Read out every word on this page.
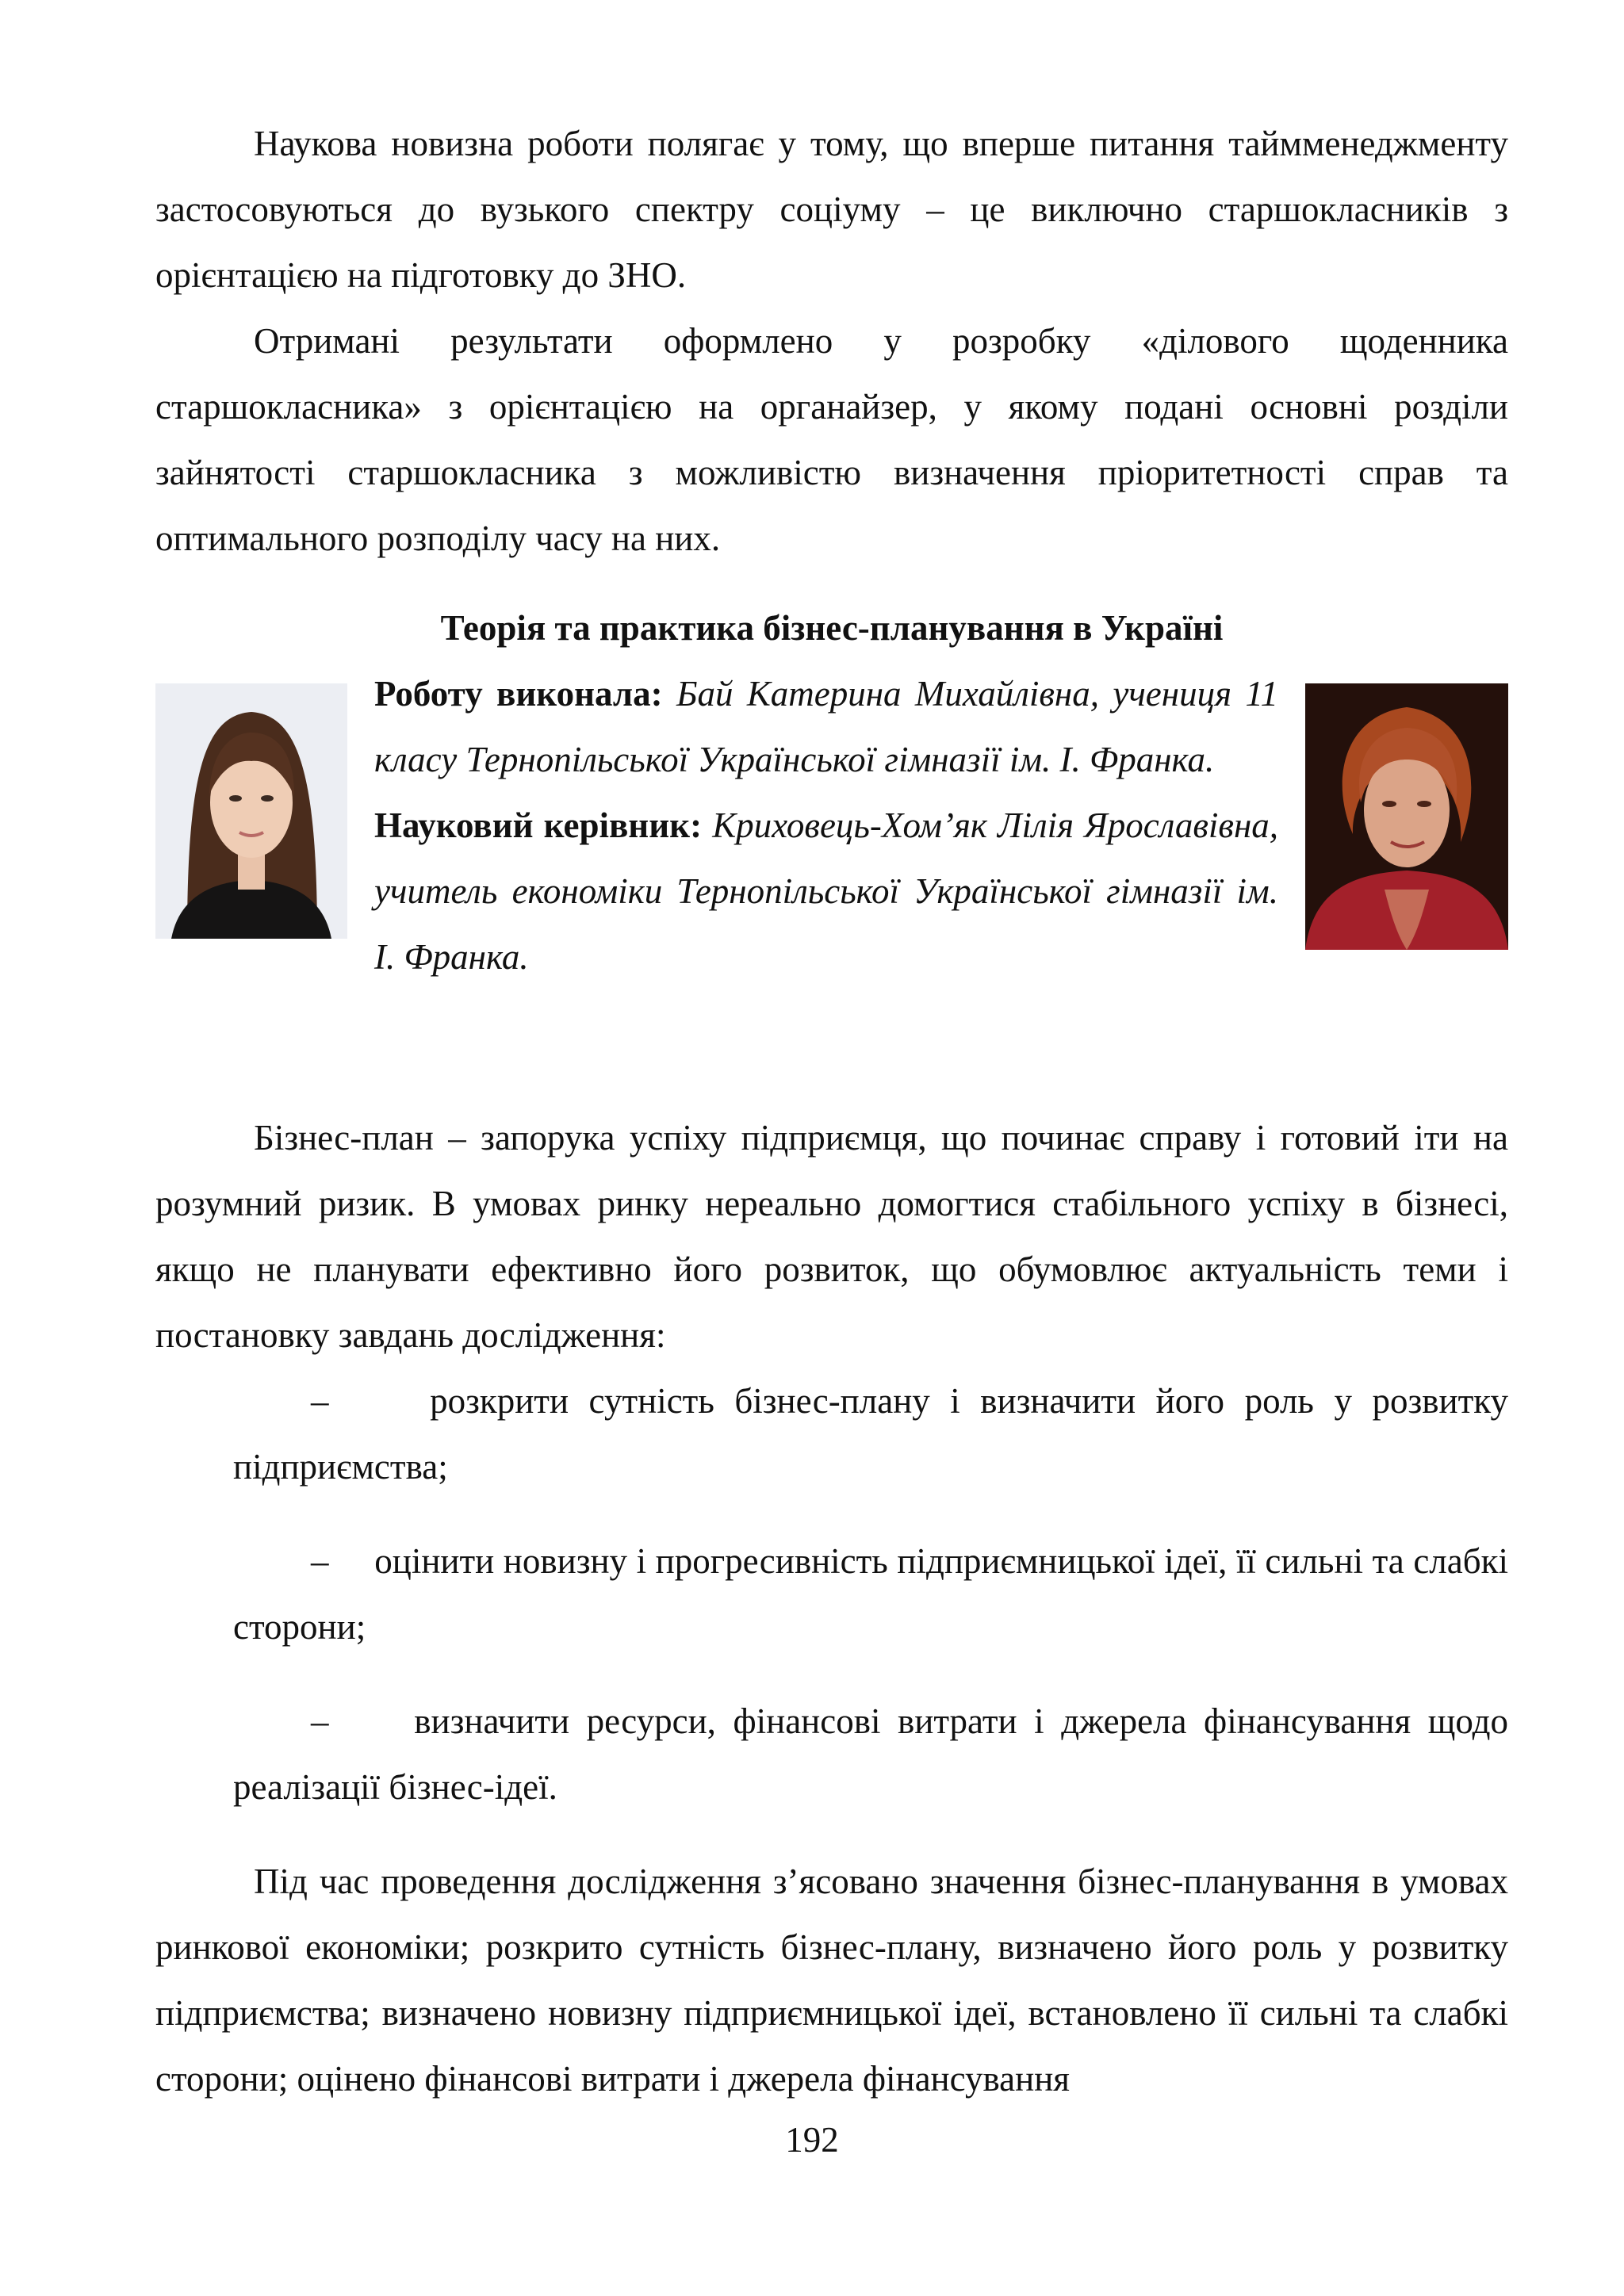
Наукова новизна роботи полягає у тому, що вперше питання таймменеджменту застосовуються до вузького спектру соціуму – це виключно старшокласників з орієнтацією на підготовку до ЗНО.

Отримані результати оформлено у розробку «ділового щоденника старшокласника» з орієнтацією на органайзер, у якому подані основні розділи зайнятості старшокласника з можливістю визначення пріоритетності справ та оптимального розподілу часу на них.

Теорія та практика бізнес-планування в Україні

Роботу виконала: Бай Катерина Михайлівна, учениця 11 класу Тернопільської Української гімназії ім. І. Франка.

Науковий керівник: Криховець-Хом’як Лілія Ярославівна, учитель економіки Тернопільської Української гімназії ім. І. Франка.

Бізнес-план – запорука успіху підприємця, що починає справу і готовий іти на розумний ризик. В умовах ринку нереально домогтися стабільного успіху в бізнесі, якщо не планувати ефективно його розвиток, що обумовлює актуальність теми і постановку завдань дослідження:

–	розкрити сутність бізнес-плану і визначити його роль у розвитку підприємства;
– оцінити новизну і прогресивність підприємницької ідеї, її сильні та слабкі сторони;
– визначити ресурси, фінансові витрати і джерела фінансування щодо реалізації бізнес-ідеї.

Під час проведення дослідження з’ясовано значення бізнес-планування в умовах ринкової економіки; розкрито сутність бізнес-плану, визначено його роль у розвитку підприємства; визначено новизну підприємницької ідеї, встановлено її сильні та слабкі сторони; оцінено фінансові витрати і джерела фінансування

192
